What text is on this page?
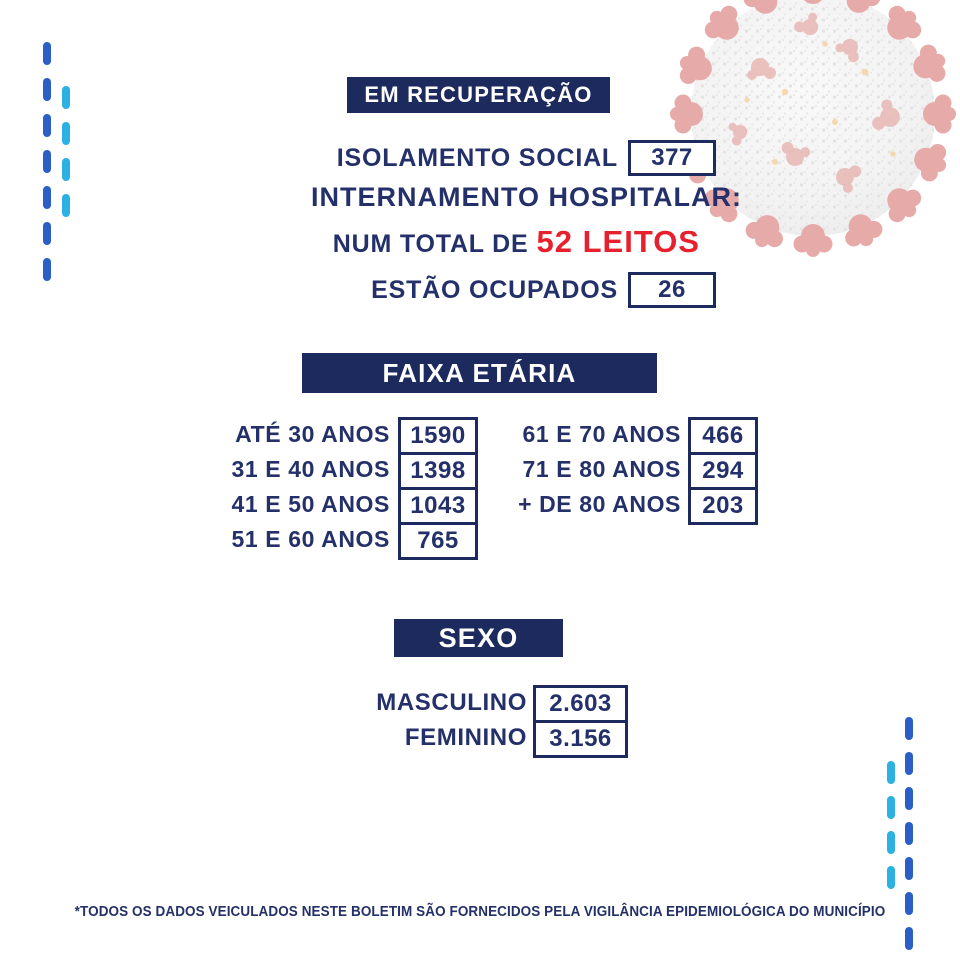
EM RECUPERAÇÃO
ISOLAMENTO SOCIAL 377
INTERNAMENTO HOSPITALAR:
NUM TOTAL DE 52 LEITOS
ESTÃO OCUPADOS 26
FAIXA ETÁRIA
ATÉ 30 ANOS 1590
31 E 40 ANOS 1398
41 E 50 ANOS 1043
51 E 60 ANOS 765
61 E 70 ANOS 466
71 E 80 ANOS 294
+ DE 80 ANOS 203
SEXO
MASCULINO 2.603
FEMININO 3.156
*TODOS OS DADOS VEICULADOS NESTE BOLETIM SÃO FORNECIDOS PELA VIGILÂNCIA EPIDEMIOLÓGICA DO MUNICÍPIO
